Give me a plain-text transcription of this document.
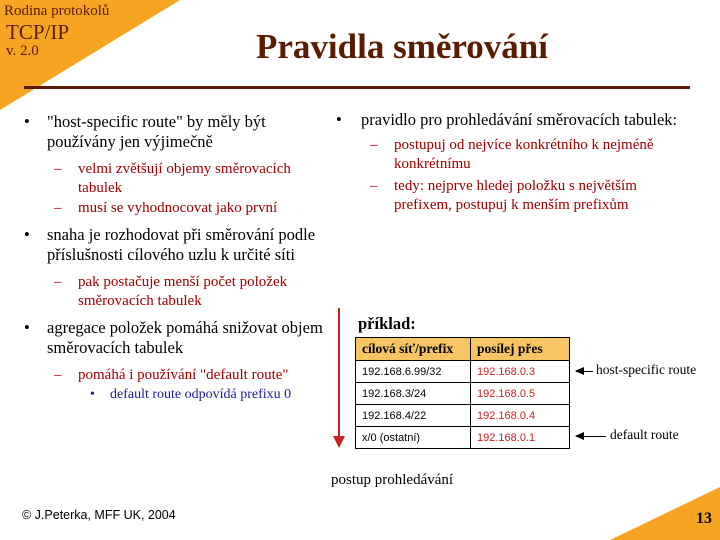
Rodina protokolů
TCP/IP
v. 2.0	Pravidla směrování
• "host-specific route" by měly být používány jen výjimečně
– velmi zvětšují objemy směrovacích tabulek
– musí se vyhodnocovat jako první
• snaha je rozhodovat při směrování podle příslušnosti cílového uzlu k určité síti
– pak postačuje menší počet položek směrovacích tabulek
• agregace položek pomáhá snižovat objem směrovacích tabulek
– pomáhá i používání "default route"
• default route odpovídá prefixu 0
• pravidlo pro prohledávání směrovacích tabulek:
– postupuj od nejvíce konkrétního k nejméně konkrétnímu
– tedy: nejprve hledej položku s největším prefixem, postupuj k menším prefixům
příklad:
postup prohledávání
cílová síť/prefix	posílej přes
192.168.6.99/32	192.168.0.3
192.168.3/24	192.168.0.5
192.168.4/22	192.168.0.4
x/0 (ostatní)	192.168.0.1
host-specific route
default route
© J.Peterka, MFF UK, 2004	13
